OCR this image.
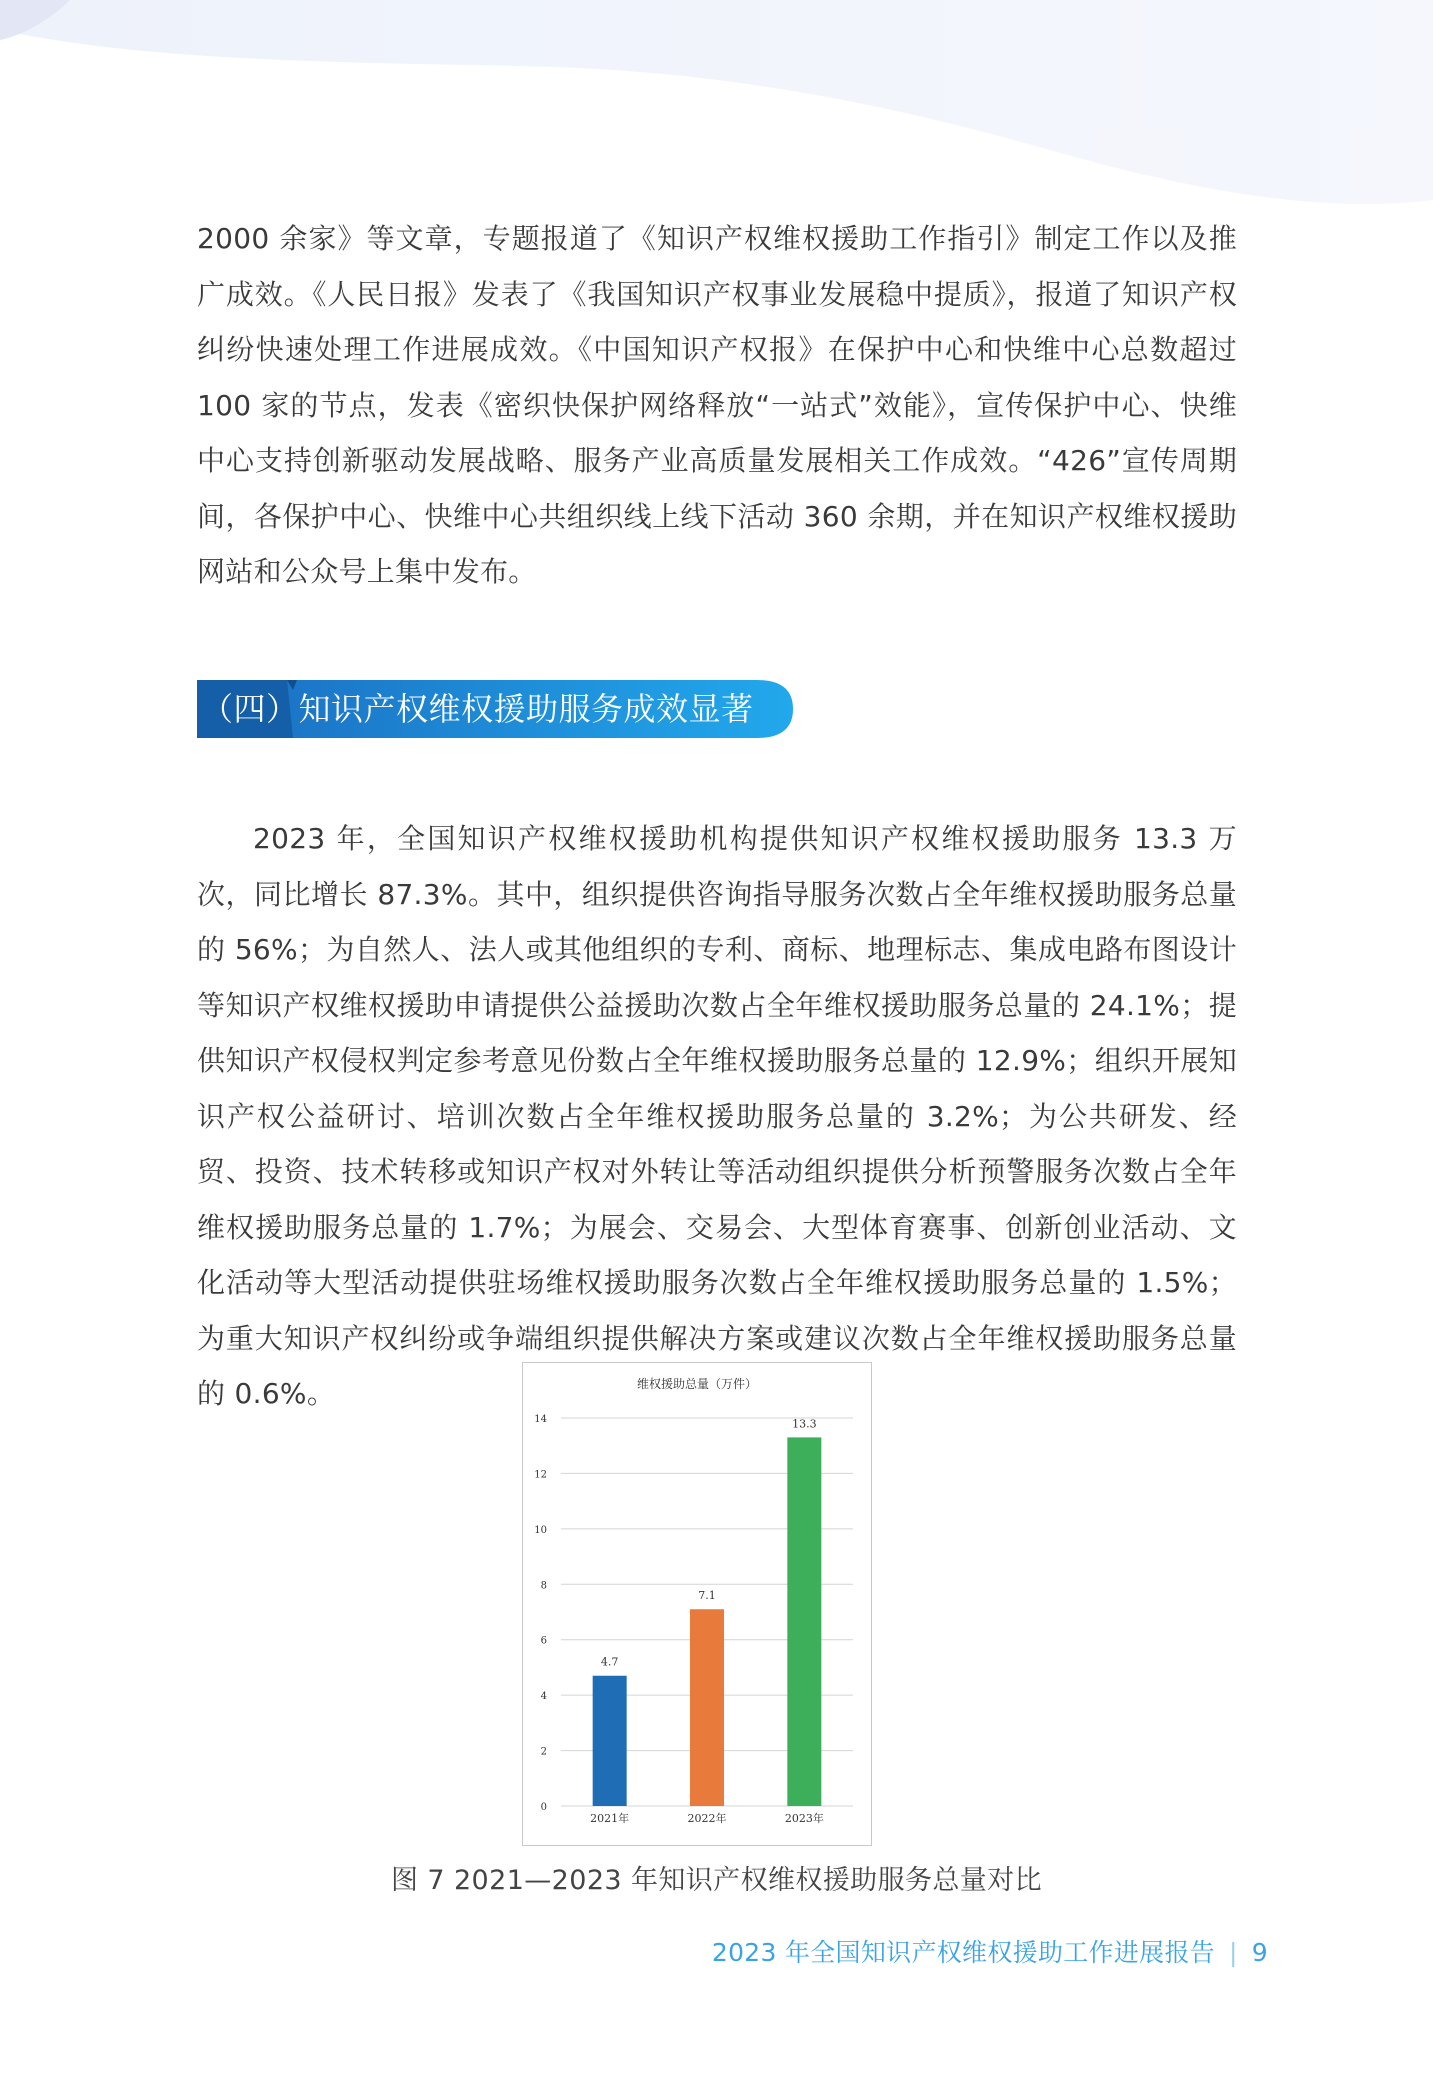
2000 余家》等文章，专题报道了《知识产权维权援助工作指引》制定工作以及推广成效。《人民日报》发表了《我国知识产权事业发展稳中提质》，报道了知识产权纠纷快速处理工作进展成效。《中国知识产权报》在保护中心和快维中心总数超过 100 家的节点，发表《密织快保护网络释放“一站式”效能》，宣传保护中心、快维中心支持创新驱动发展战略、服务产业高质量发展相关工作成效。“426”宣传周期间，各保护中心、快维中心共组织线上线下活动 360 余期，并在知识产权维权援助网站和公众号上集中发布。

（四）知识产权维权援助服务成效显著

2023 年，全国知识产权维权援助机构提供知识产权维权援助服务 13.3 万次，同比增长 87.3%。其中，组织提供咨询指导服务次数占全年维权援助服务总量的 56%；为自然人、法人或其他组织的专利、商标、地理标志、集成电路布图设计等知识产权维权援助申请提供公益援助次数占全年维权援助服务总量的 24.1%；提供知识产权侵权判定参考意见份数占全年维权援助服务总量的 12.9%；组织开展知识产权公益研讨、培训次数占全年维权援助服务总量的 3.2%；为公共研发、经贸、投资、技术转移或知识产权对外转让等活动组织提供分析预警服务次数占全年维权援助服务总量的 1.7%；为展会、交易会、大型体育赛事、创新创业活动、文化活动等大型活动提供驻场维权援助服务次数占全年维权援助服务总量的 1.5%；为重大知识产权纠纷或争端组织提供解决方案或建议次数占全年维权援助服务总量的 0.6%。	维权援助总量（万件）
0
2
4
6
8
10
12
14
4.7
2021年
7.1
2022年
13.3
2023年
图 7 2021—2023 年知识产权维权援助服务总量对比
2023 年全国知识产权维权援助工作进展报告 | 9
